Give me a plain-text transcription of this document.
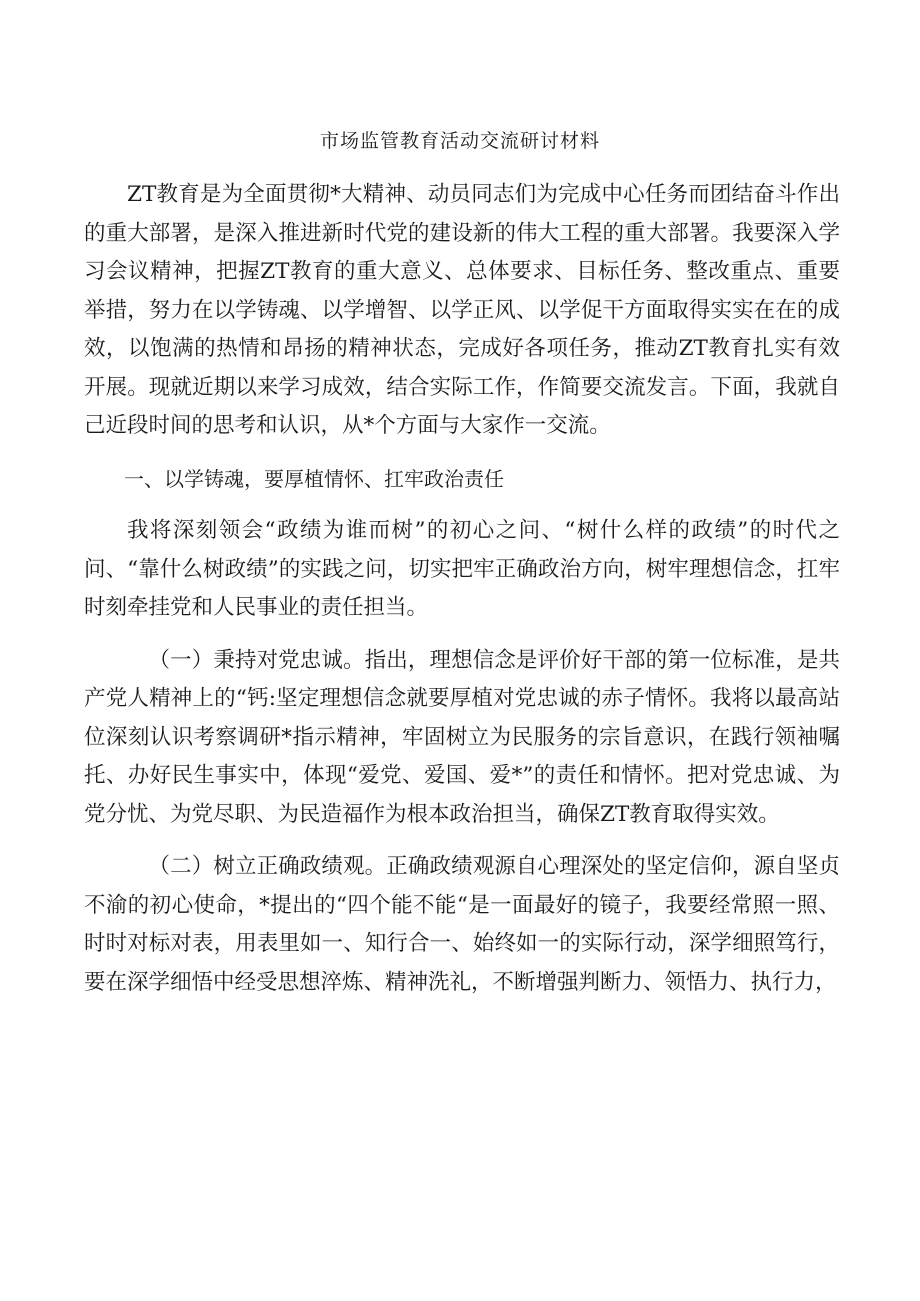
市场监管教育活动交流研讨材料

ZT教育是为全面贯彻*大精神、动员同志们为完成中心任务而团结奋斗作出的重大部署，是深入推进新时代党的建设新的伟大工程的重大部署。我要深入学习会议精神，把握ZT教育的重大意义、总体要求、目标任务、整改重点、重要举措，努力在以学铸魂、以学增智、以学正风、以学促干方面取得实实在在的成效，以饱满的热情和昂扬的精神状态，完成好各项任务，推动ZT教育扎实有效开展。现就近期以来学习成效，结合实际工作，作简要交流发言。下面，我就自己近段时间的思考和认识，从*个方面与大家作一交流。

一、以学铸魂，要厚植情怀、扛牢政治责任

我将深刻领会“政绩为谁而树”的初心之问、“树什么样的政绩”的时代之问、“靠什么树政绩”的实践之问，切实把牢正确政治方向，树牢理想信念，扛牢时刻牵挂党和人民事业的责任担当。

（一）秉持对党忠诚。指出，理想信念是评价好干部的第一位标准，是共产党人精神上的“钙:坚定理想信念就要厚植对党忠诚的赤子情怀。我将以最高站位深刻认识考察调研*指示精神，牢固树立为民服务的宗旨意识，在践行领袖嘱托、办好民生事实中，体现“爱党、爱国、爱*”的责任和情怀。把对党忠诚、为党分忧、为党尽职、为民造福作为根本政治担当，确保ZT教育取得实效。

（二）树立正确政绩观。正确政绩观源自心理深处的坚定信仰，源自坚贞不渝的初心使命，*提出的“四个能不能“是一面最好的镜子，我要经常照一照、时时对标对表，用表里如一、知行合一、始终如一的实际行动，深学细照笃行，要在深学细悟中经受思想淬炼、精神洗礼，不断增强判断力、领悟力、执行力，
